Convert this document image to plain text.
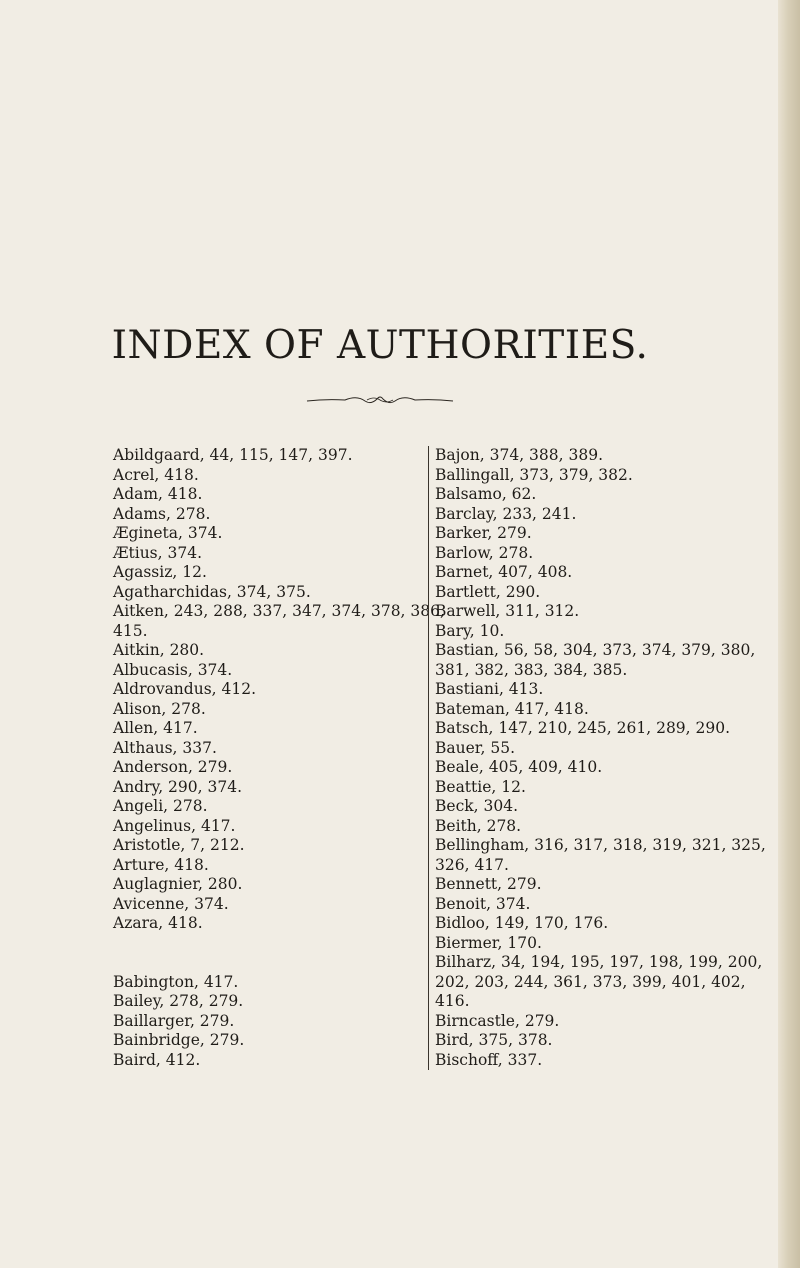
INDEX OF AUTHORITIES.
Abildgaard, 44, 115, 147, 397.
Acrel, 418.
Adam, 418.
Adams, 278.
Ægineta, 374.
Ætius, 374.
Agassiz, 12.
Agatharchidas, 374, 375.
Aitken, 243, 288, 337, 347, 374, 378, 386,
415.
Aitkin, 280.
Albucasis, 374.
Aldrovandus, 412.
Alison, 278.
Allen, 417.
Althaus, 337.
Anderson, 279.
Andry, 290, 374.
Angeli, 278.
Angelinus, 417.
Aristotle, 7, 212.
Arture, 418.
Auglagnier, 280.
Avicenne, 374.
Azara, 418.
Babington, 417.
Bailey, 278, 279.
Baillarger, 279.
Bainbridge, 279.
Baird, 412.
Bajon, 374, 388, 389.
Ballingall, 373, 379, 382.
Balsamo, 62.
Barclay, 233, 241.
Barker, 279.
Barlow, 278.
Barnet, 407, 408.
Bartlett, 290.
Barwell, 311, 312.
Bary, 10.
Bastian, 56, 58, 304, 373, 374, 379, 380,
381, 382, 383, 384, 385.
Bastiani, 413.
Bateman, 417, 418.
Batsch, 147, 210, 245, 261, 289, 290.
Bauer, 55.
Beale, 405, 409, 410.
Beattie, 12.
Beck, 304.
Beith, 278.
Bellingham, 316, 317, 318, 319, 321, 325,
326, 417.
Bennett, 279.
Benoit, 374.
Bidloo, 149, 170, 176.
Biermer, 170.
Bilharz, 34, 194, 195, 197, 198, 199, 200,
202, 203, 244, 361, 373, 399, 401, 402,
416.
Birncastle, 279.
Bird, 375, 378.
Bischoff, 337.
